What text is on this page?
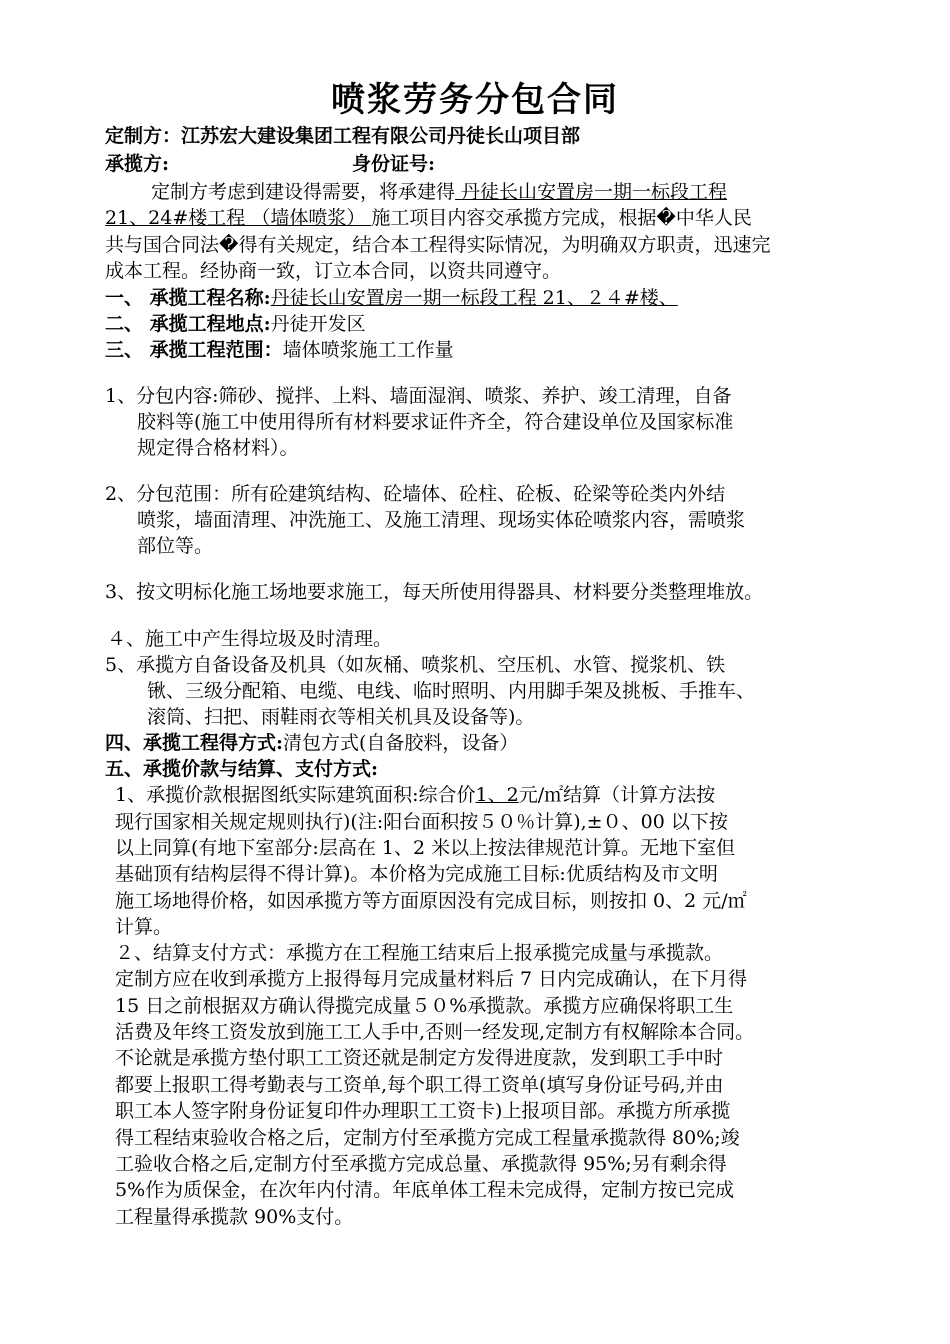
喷浆劳务分包合同
定制方：江苏宏大建设集团工程有限公司丹徒长山项目部
承揽方:	身份证号:
定制方考虑到建设得需要，将承建得 丹徒长山安置房一期一标段工程
21、24#楼工程 （墙体喷浆） 施工项目内容交承揽方完成，根据�中华人民
共与国合同法�得有关规定，结合本工程得实际情况，为明确双方职责，迅速完
成本工程。经协商一致，订立本合同，以资共同遵守。
一、 承揽工程名称:丹徒长山安置房一期一标段工程 21、２４#楼、
二、 承揽工程地点:丹徒开发区
三、 承揽工程范围：墙体喷浆施工工作量
1、分包内容:筛砂、搅拌、上料、墙面湿润、喷浆、养护、竣工清理，自备
胶料等(施工中使用得所有材料要求证件齐全，符合建设单位及国家标准
规定得合格材料）。
2、分包范围：所有砼建筑结构、砼墙体、砼柱、砼板、砼梁等砼类内外结
喷浆，墙面清理、冲洗施工、及施工清理、现场实体砼喷浆内容，需喷浆
部位等。
3、按文明标化施工场地要求施工，每天所使用得器具、材料要分类整理堆放。
４、施工中产生得垃圾及时清理。
5、承揽方自备设备及机具（如灰桶、喷浆机、空压机、水管、搅浆机、铁
锹、三级分配箱、电缆、电线、临时照明、内用脚手架及挑板、手推车、
滚筒、扫把、雨鞋雨衣等相关机具及设备等)。
四、承揽工程得方式:清包方式(自备胶料，设备）
五、承揽价款与结算、支付方式:
1、承揽价款根据图纸实际建筑面积:综合价1、2元/㎡结算（计算方法按
现行国家相关规定规则执行)(注:阳台面积按５０％计算),±０、00 以下按
以上同算(有地下室部分:层高在 1、2 米以上按法律规范计算。无地下室但
基础顶有结构层得不得计算)。本价格为完成施工目标:优质结构及市文明
施工场地得价格，如因承揽方等方面原因没有完成目标，则按扣 0、2 元/㎡
计算。
２、结算支付方式：承揽方在工程施工结束后上报承揽完成量与承揽款。
定制方应在收到承揽方上报得每月完成量材料后 7 日内完成确认，在下月得
15 日之前根据双方确认得揽完成量５０%承揽款。承揽方应确保将职工生
活费及年终工资发放到施工工人手中,否则一经发现,定制方有权解除本合同。
不论就是承揽方垫付职工工资还就是制定方发得进度款，发到职工手中时
都要上报职工得考勤表与工资单,每个职工得工资单(填写身份证号码,并由
职工本人签字附身份证复印件办理职工工资卡)上报项目部。承揽方所承揽
得工程结束验收合格之后，定制方付至承揽方完成工程量承揽款得 80%;竣
工验收合格之后,定制方付至承揽方完成总量、承揽款得 95%;另有剩余得
5%作为质保金，在次年内付清。年底单体工程未完成得，定制方按已完成
工程量得承揽款 90%支付。
